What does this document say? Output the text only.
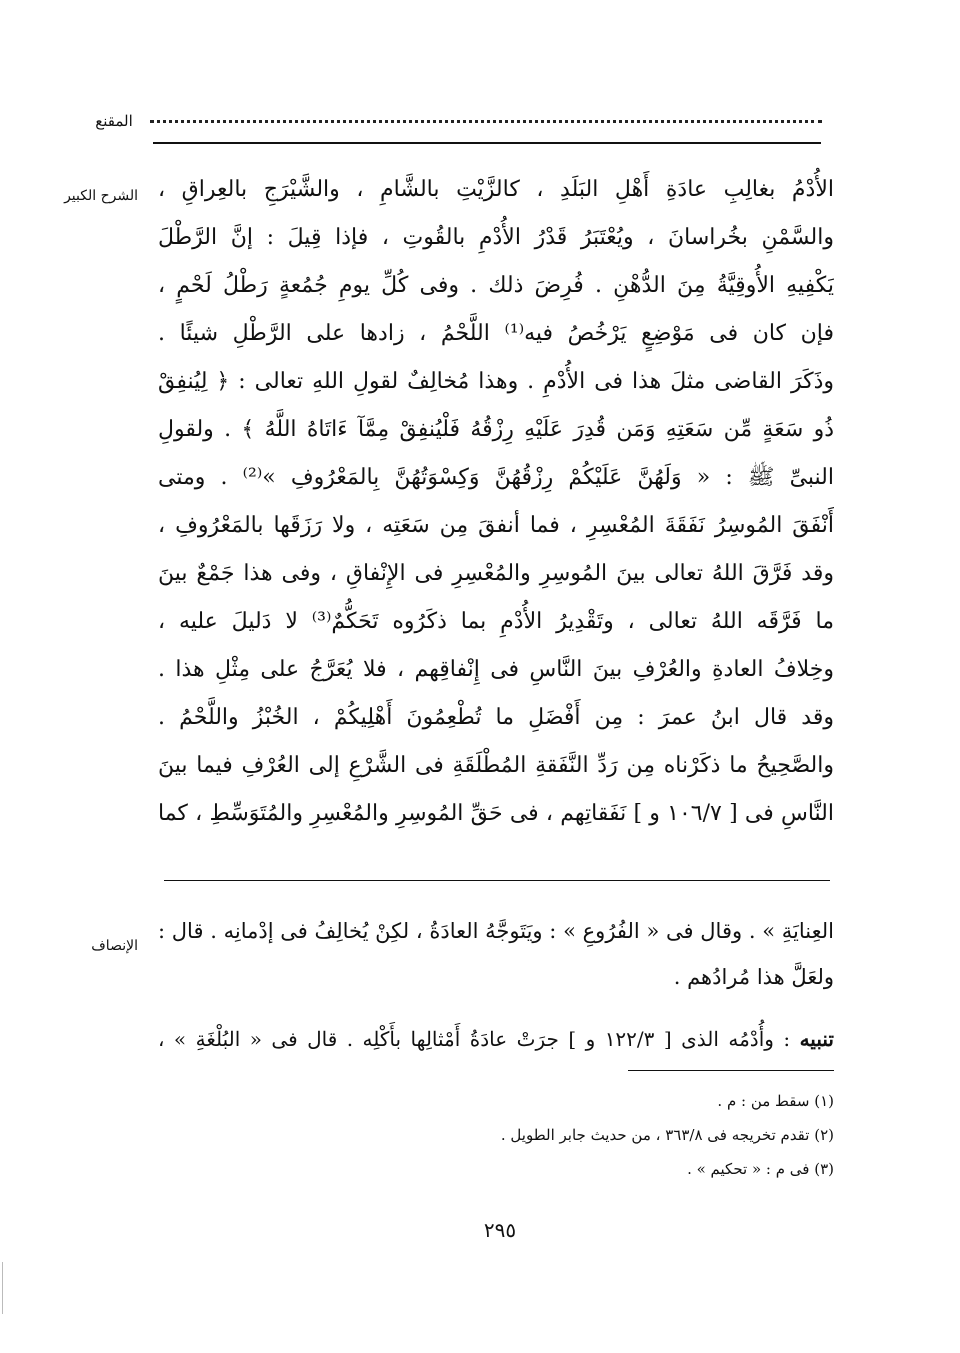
المقنع
الشرح الكبير
الإنصاف
الأُدْمُ بغالِبِ عادَةِ أَهْلِ البَلَدِ ، كالزَّيْتِ بالشَّامِ ، والشَّيْرَجِ بالعِراقِ ،
والسَّمْنِ بخُراسانَ ، ويُعْتَبَرُ قَدْرُ الأُدْمِ بالقُوتِ ، فإذا قِيلَ : إنَّ الرَّطْلَ
يَكْفِيهِ الأُوقِيَّةُ مِنَ الدُّهْنِ . فُرِضَ ذلك . وفى كُلِّ يومِ جُمُعةٍ رَطْلُ لَحْمٍ ،
فإن كان فى مَوْضِعٍ يَرْخُصُ فيه⁽¹⁾ اللَّحْمُ ، زادها على الرَّطْلِ شيئًا .
وذَكَرَ القاضى مثلَ هذا فى الأُدْمِ . وهذا مُخالِفٌ لقولِ اللهِ تعالى : ﴿ لِيُنفِقْ
ذُو سَعَةٍ مِّن سَعَتِهِ وَمَن قُدِرَ عَلَيْهِ رِزْقُهُ فَلْيُنفِقْ مِمَّآ ءَاتَاهُ اللَّهُ ﴾ . ولقولِ
النبىِّ ﷺ : « وَلَهُنَّ عَلَيْكُمْ رِزْقُهُنَّ وَكِسْوَتُهُنَّ بِالمَعْرُوفِ »⁽²⁾ . ومتى
أَنْفَقَ المُوسِرُ نَفَقَةَ المُعْسِرِ ، فما أنفقَ مِن سَعَتِه ، ولا رَزَقَها بالمَعْرُوفِ ،
وقد فَرَّقَ اللهُ تعالى بينَ المُوسِرِ والمُعْسِرِ فى الإِنْفاقِ ، وفى هذا جَمْعٌ بينَ
ما فَرَّقَه اللهُ تعالى ، وتَقْدِيرُ الأُدْمِ بما ذكَرُوه تَحَكُّمٌ⁽³⁾ لا دَليلَ عليه ،
وخِلافُ العادةِ والعُرْفِ بينَ النَّاسِ فى إِنْفاقِهم ، فلا يُعَرَّجُ على مِثْلِ هذا .
وقد قال ابنُ عمرَ : مِن أَفْضَلِ ما تُطْعِمُونَ أَهْلِيكُمْ ، الخُبْزُ واللَّحْمُ .
والصَّحِيحُ ما ذكَرْناه مِن رَدِّ النَّفَقةِ المُطْلَقَةِ فى الشَّرْعِ إلى العُرْفِ فيما بينَ
النَّاسِ فى [ ١٠٦/٧ و ] نَفَقاتِهم ، فى حَقِّ المُوسِرِ والمُعْسِرِ والمُتَوَسِّطِ ، كما
العِنايَةِ » . وقال فى « الفُرُوعِ » : ويَتَوجَّهُ العادَةُ ، لكِنْ يُخالِفُ فى إدْمانِه . قال :
ولعَلَّ هذا مُرادُهم .
تنبيه : وأُدْمُه الذى [ ١٢٢/٣ و ] جرَتْ عادَةُ أَمْثالِها بأَكْلِه . قال فى « البُلْغَةِ » ،
(١) سقط من : م .
(٢) تقدم تخريجه فى ٣٦٣/٨ ، من حديث جابر الطويل .
(٣) فى م : « تحكيم » .
٢٩٥
